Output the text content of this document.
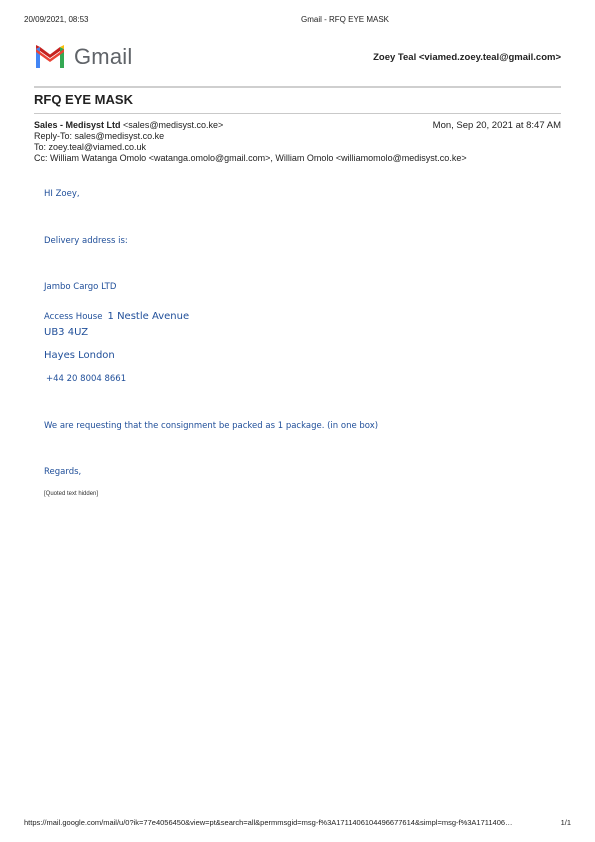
20/09/2021, 08:53	Gmail - RFQ EYE MASK
Gmail	Zoey Teal <viamed.zoey.teal@gmail.com>
RFQ EYE MASK
Sales - Medisyst Ltd <sales@medisyst.co.ke>	Mon, Sep 20, 2021 at 8:47 AM
Reply-To: sales@medisyst.co.ke
To: zoey.teal@viamed.co.uk
Cc: William Watanga Omolo <watanga.omolo@gmail.com>, William Omolo <williamomolo@medisyst.co.ke>
HI Zoey,
Delivery address is:
Jambo Cargo LTD
Access House 1 Nestle Avenue
UB3 4UZ
Hayes London
+44 20 8004 8661
We are requesting that the consignment be packed as 1 package. (in one box)
Regards,
[Quoted text hidden]
https://mail.google.com/mail/u/0?ik=77e4056450&view=pt&search=all&permmsgid=msg-f%3A1711406104496677614&simpl=msg-f%3A1711406…	1/1
